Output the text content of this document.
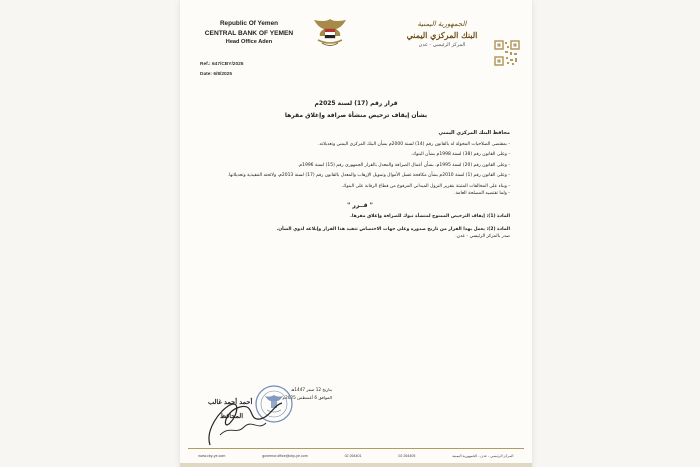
Republic Of Yemen
CENTRAL BANK OF YEMEN
Head Office Aden
Ref.: 647/CBY/2025
Date: 6/8/2025
الجمهورية اليمنية
البنك المركزي اليمني
المركز الرئيسي - عدن
قرار رقم (17) لسنة 2025م
بشأن إيقاف ترخيص منشأة صرافة وإغلاق مقرها

محافظ البنك المركزي اليمني

- بمقتضى الصلاحيات المخولة له بالقانون رقم (14) لسنة 2000م بشأن البنك المركزي اليمني وتعديلاته.

- وعلى القانون رقم (38) لسنة 1998م بشأن البنوك.

- وعلى القانون رقم (20) لسنة 1995م، بشأن أعمال الصرافة والمعدل بالقرار الجمهوري رقم (15) لسنة 1996م.

- وعلى القانون رقم (1) لسنة 2010م بشأن مكافحة غسل الأموال وتمويل الإرهاب والمعدل بالقانون رقم (17) لسنة 2013م، ولائحته التنفيذية وتعديلاتها.

- وبناء على المخالفات المثبتة بتقرير النزول الميداني المرفوع من قطاع الرقابة على البنوك.

- ولما تقتضيه المصلحة العامة.

" قــرر "

المادة (1): إيقاف الترخيص الممنوح لمنشأة تبوك للصرافة وإغلاق مقرها.

المادة (2): يعمل بهذا القرار من تاريخ صدوره وعلى جهات الاختصاص تنفيذ هذا القرار وإبلاغه لذوي الشأن.

صدر بالمركز الرئيسي - عدن.

بتاريخ 12 صفر 1447هـ
الموافق 6 أغسطس 2025م
أحمد أحمد غالب
المحافظ
www.cby-ye.com	governor.office@cby-ye.com	02 264401	02 264405	المركز الرئيسي - عدن - الجمهورية اليمنية
